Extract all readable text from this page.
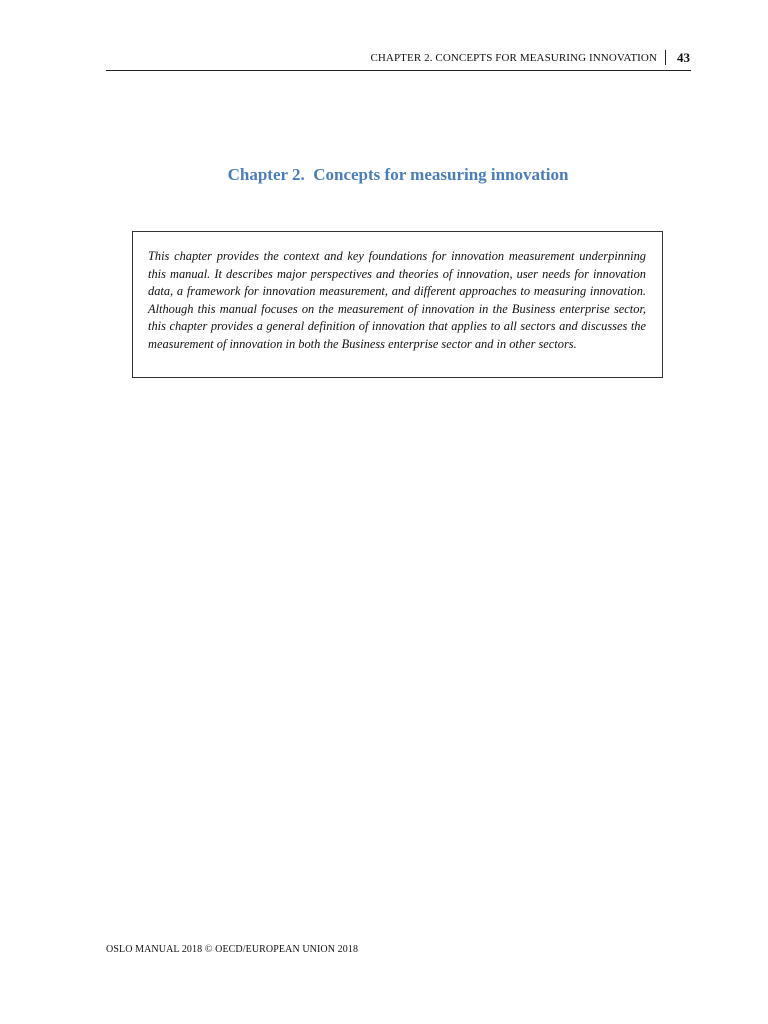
CHAPTER 2. CONCEPTS FOR MEASURING INNOVATION 43
Chapter 2.  Concepts for measuring innovation

This chapter provides the context and key foundations for innovation measurement underpinning this manual. It describes major perspectives and theories of innovation, user needs for innovation data, a framework for innovation measurement, and different approaches to measuring innovation. Although this manual focuses on the measurement of innovation in the Business enterprise sector, this chapter provides a general definition of innovation that applies to all sectors and discusses the measurement of innovation in both the Business enterprise sector and in other sectors.

OSLO MANUAL 2018 © OECD/EUROPEAN UNION 2018
